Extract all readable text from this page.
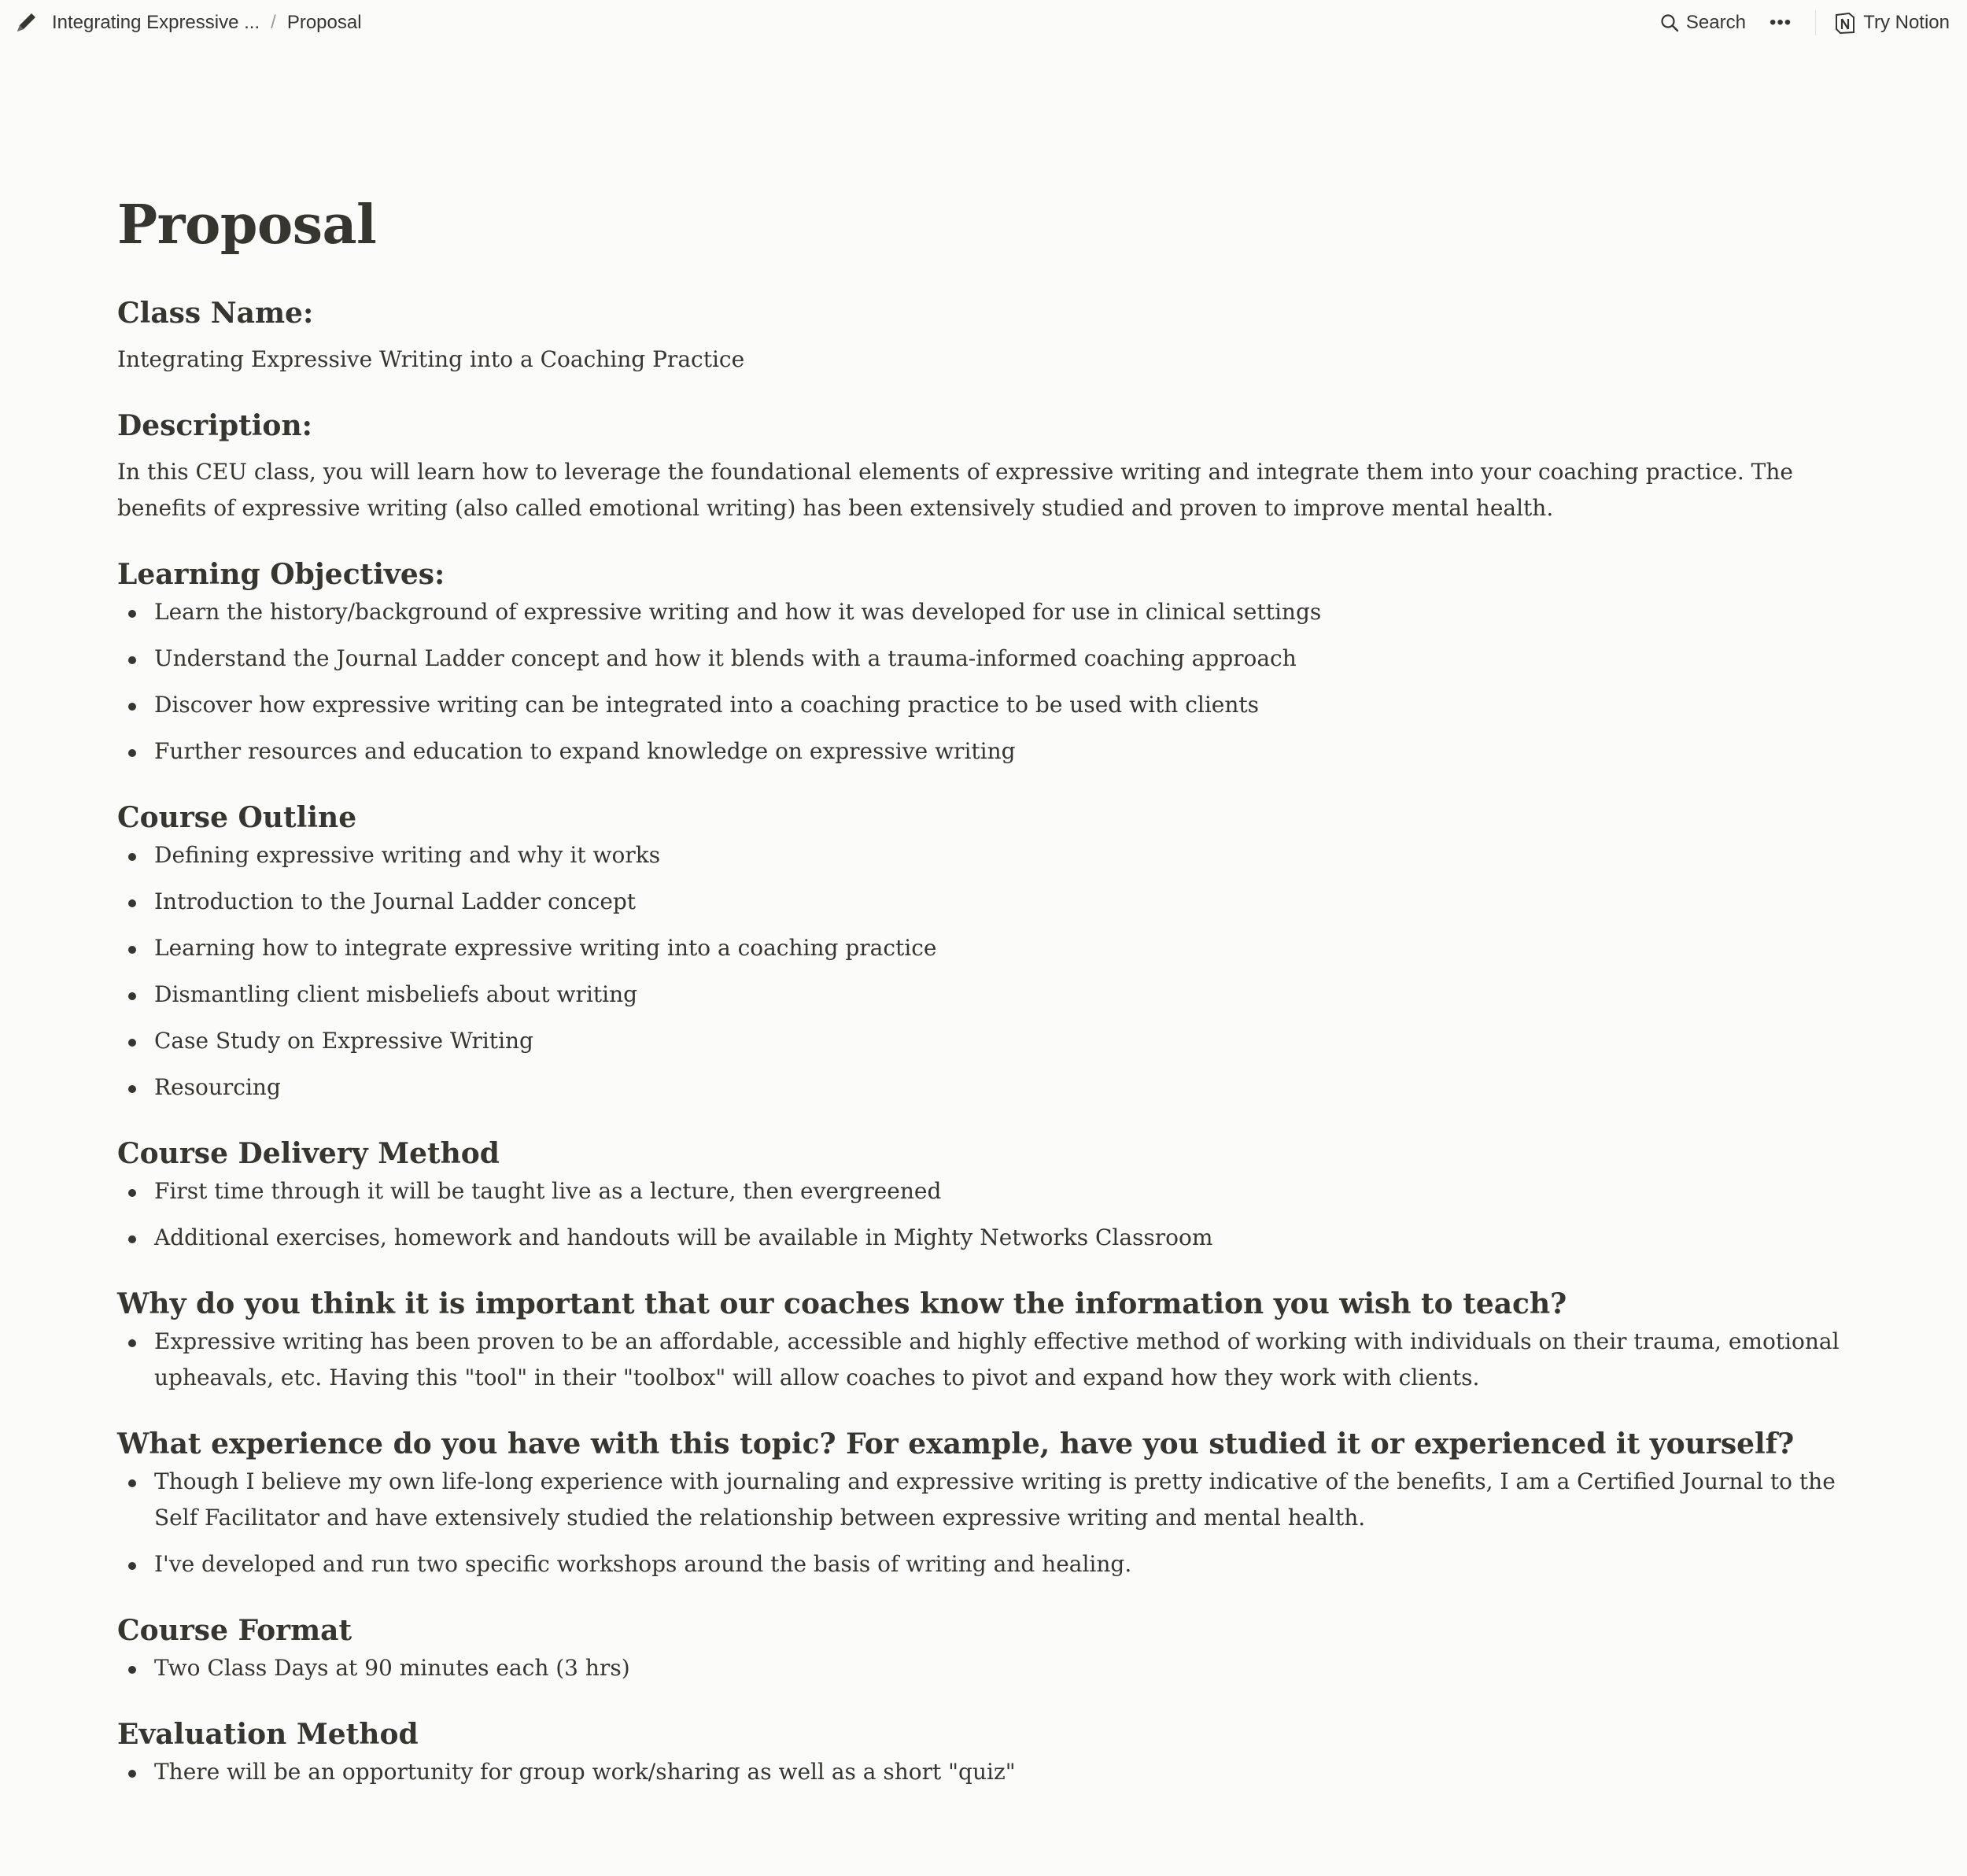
Integrating Expressive ... / Proposal	Search •••	Try Notion
Proposal
Class Name:

Integrating Expressive Writing into a Coaching Practice

Description:

In this CEU class, you will learn how to leverage the foundational elements of expressive writing and integrate them into your coaching practice. The benefits of expressive writing (also called emotional writing) has been extensively studied and proven to improve mental health.

Learning Objectives:
Learn the history/background of expressive writing and how it was developed for use in clinical settings
Understand the Journal Ladder concept and how it blends with a trauma-informed coaching approach
Discover how expressive writing can be integrated into a coaching practice to be used with clients
Further resources and education to expand knowledge on expressive writing
Course Outline
Defining expressive writing and why it works
Introduction to the Journal Ladder concept
Learning how to integrate expressive writing into a coaching practice
Dismantling client misbeliefs about writing
Case Study on Expressive Writing
Resourcing
Course Delivery Method
First time through it will be taught live as a lecture, then evergreened
Additional exercises, homework and handouts will be available in Mighty Networks Classroom
Why do you think it is important that our coaches know the information you wish to teach?
Expressive writing has been proven to be an affordable, accessible and highly effective method of working with individuals on their trauma, emotional upheavals, etc. Having this "tool" in their "toolbox" will allow coaches to pivot and expand how they work with clients.
What experience do you have with this topic? For example, have you studied it or experienced it yourself?
Though I believe my own life-long experience with journaling and expressive writing is pretty indicative of the benefits, I am a Certified Journal to the Self Facilitator and have extensively studied the relationship between expressive writing and mental health.
I've developed and run two specific workshops around the basis of writing and healing.
Course Format
Two Class Days at 90 minutes each (3 hrs)
Evaluation Method
There will be an opportunity for group work/sharing as well as a short "quiz"
